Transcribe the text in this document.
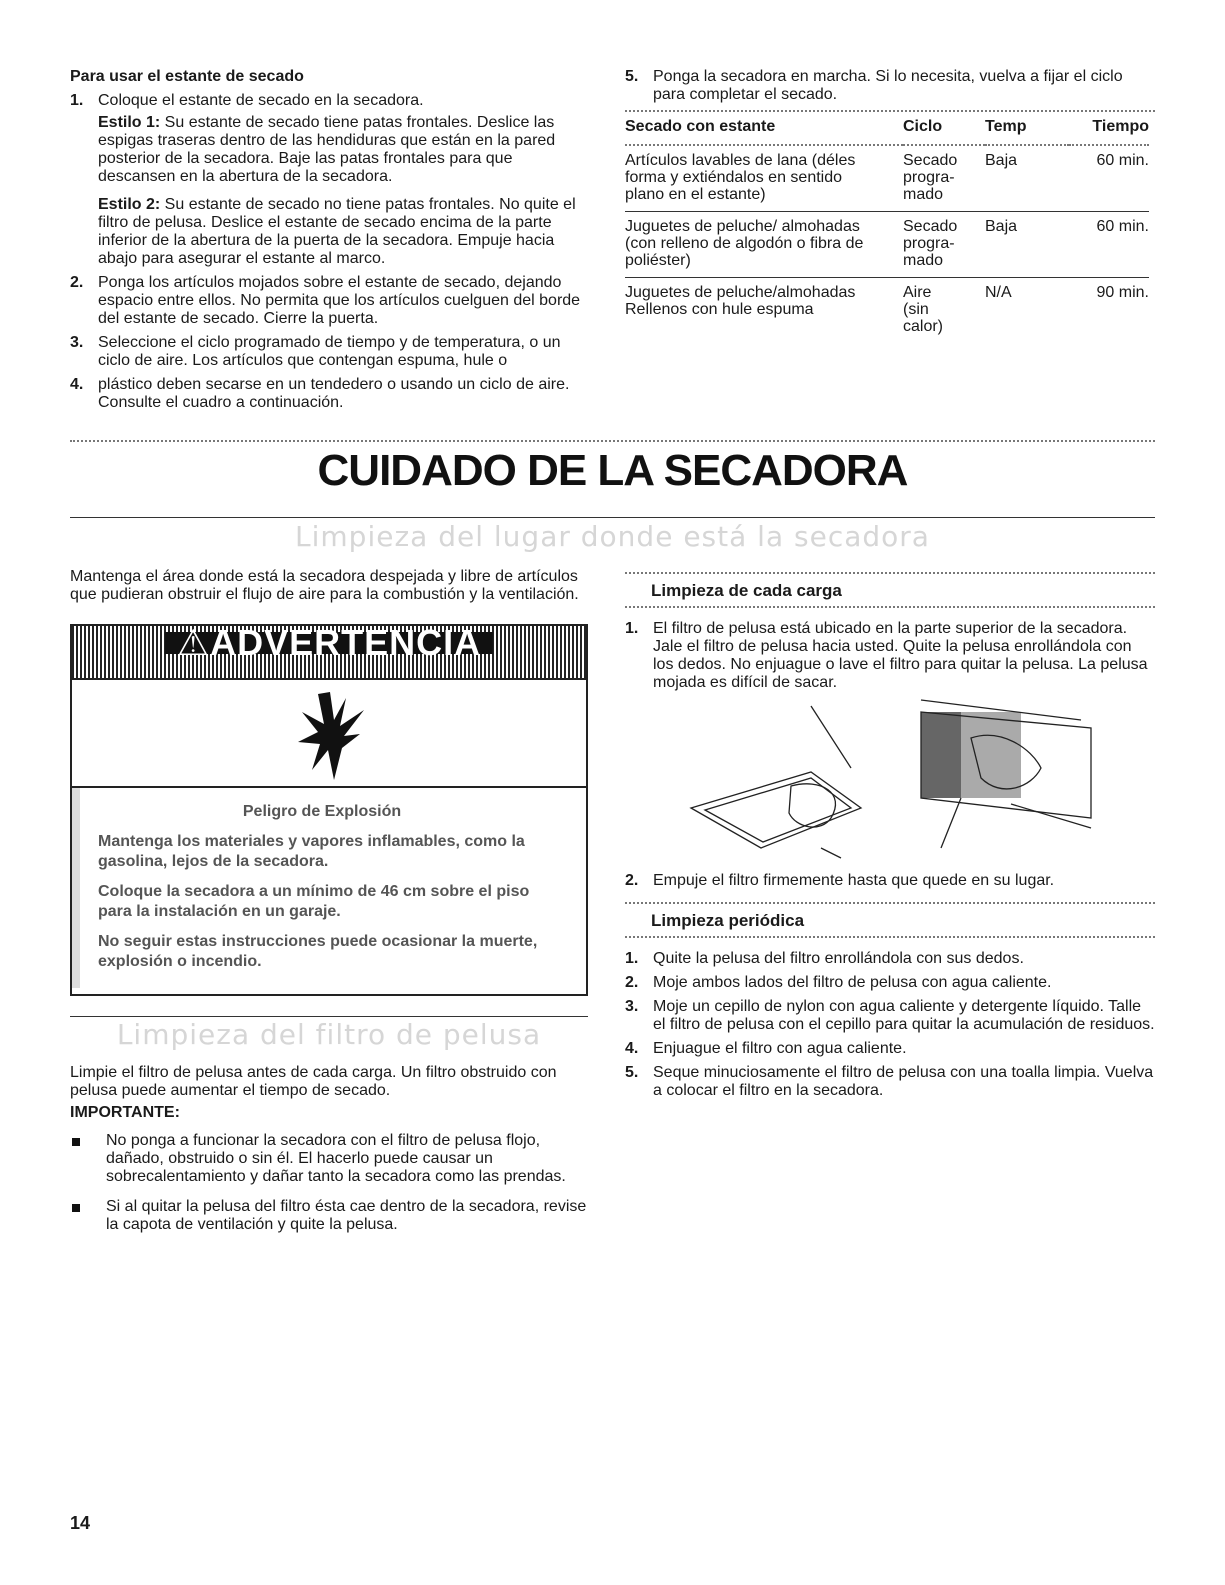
Para usar el estante de secado
1. Coloque el estante de secado en la secadora.

Estilo 1: Su estante de secado tiene patas frontales. Deslice las espigas traseras dentro de las hendiduras que están en la pared posterior de la secadora. Baje las patas frontales para que descansen en la abertura de la secadora.

Estilo 2: Su estante de secado no tiene patas frontales. No quite el filtro de pelusa. Deslice el estante de secado encima de la parte inferior de la abertura de la puerta de la secadora. Empuje hacia abajo para asegurar el estante al marco.

2. Ponga los artículos mojados sobre el estante de secado, dejando espacio entre ellos. No permita que los artículos cuelguen del borde del estante de secado. Cierre la puerta.
3. Seleccione el ciclo programado de tiempo y de temperatura, o un ciclo de aire. Los artículos que contengan espuma, hule o
4. plástico deben secarse en un tendedero o usando un ciclo de aire. Consulte el cuadro a continuación.
5. Ponga la secadora en marcha. Si lo necesita, vuelva a fijar el ciclo para completar el secado.
Secado con estante	Ciclo	Temp	Tiempo
Artículos lavables de lana (déles forma y extiéndalos en sentido plano en el estante)	Secado progra-mado	Baja	60 min.
Juguetes de peluche/ almohadas (con relleno de algodón o fibra de poliéster)	Secado progra-mado	Baja	60 min.
Juguetes de peluche/almohadas Rellenos con hule espuma	Aire (sin calor)	N/A	90 min.
CUIDADO DE LA SECADORA
Limpieza del lugar donde está la secadora
Mantenga el área donde está la secadora despejada y libre de artículos que pudieran obstruir el flujo de aire para la combustión y la ventilación.
⚠ADVERTENCIA
Peligro de Explosión
Mantenga los materiales y vapores inflamables, como la gasolina, lejos de la secadora.
Coloque la secadora a un mínimo de 46 cm sobre el piso para la instalación en un garaje.
No seguir estas instrucciones puede ocasionar la muerte, explosión o incendio.
Limpieza del filtro de pelusa
Limpie el filtro de pelusa antes de cada carga. Un filtro obstruido con pelusa puede aumentar el tiempo de secado.
IMPORTANTE:
No ponga a funcionar la secadora con el filtro de pelusa flojo, dañado, obstruido o sin él. El hacerlo puede causar un sobrecalentamiento y dañar tanto la secadora como las prendas.
Si al quitar la pelusa del filtro ésta cae dentro de la secadora, revise la capota de ventilación y quite la pelusa.
Limpieza de cada carga
1. El filtro de pelusa está ubicado en la parte superior de la secadora. Jale el filtro de pelusa hacia usted. Quite la pelusa enrollándola con los dedos. No enjuague o lave el filtro para quitar la pelusa. La pelusa mojada es difícil de sacar.
2. Empuje el filtro firmemente hasta que quede en su lugar.
Limpieza periódica
1. Quite la pelusa del filtro enrollándola con sus dedos.
2. Moje ambos lados del filtro de pelusa con agua caliente.
3. Moje un cepillo de nylon con agua caliente y detergente líquido. Talle el filtro de pelusa con el cepillo para quitar la acumulación de residuos.
4. Enjuague el filtro con agua caliente.
5. Seque minuciosamente el filtro de pelusa con una toalla limpia. Vuelva a colocar el filtro en la secadora.
14
